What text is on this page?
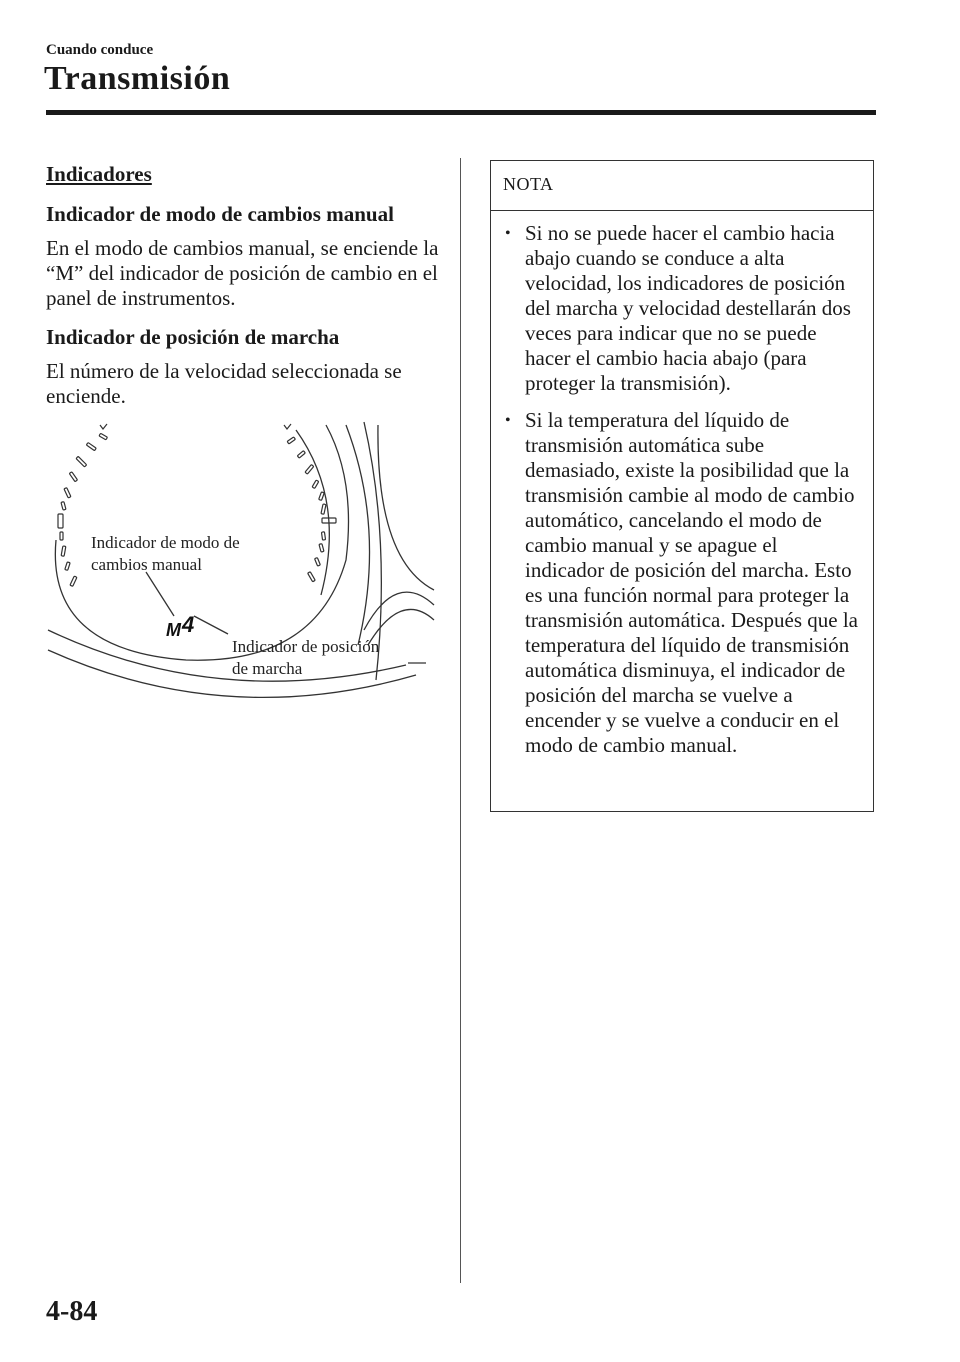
Cuando conduce
Transmisión
Indicadores
Indicador de modo de cambios manual

En el modo de cambios manual, se enciende la “M” del indicador de posición de cambio en el panel de instrumentos.

Indicador de posición de marcha

El número de la velocidad seleccionada se enciende.

M 4
Indicador de modo de
cambios manual
Indicador de posición
de marcha
NOTA
• Si no se puede hacer el cambio hacia abajo cuando se conduce a alta velocidad, los indicadores de posición del marcha y velocidad destellarán dos veces para indicar que no se puede hacer el cambio hacia abajo (para proteger la transmisión).
• Si la temperatura del líquido de transmisión automática sube demasiado, existe la posibilidad que la transmisión cambie al modo de cambio automático, cancelando el modo de cambio manual y se apague el indicador de posición del marcha. Esto es una función normal para proteger la transmisión automática. Después que la temperatura del líquido de transmisión automática disminuya, el indicador de posición del marcha se vuelve a encender y se vuelve a conducir en el modo de cambio manual.
4-84
